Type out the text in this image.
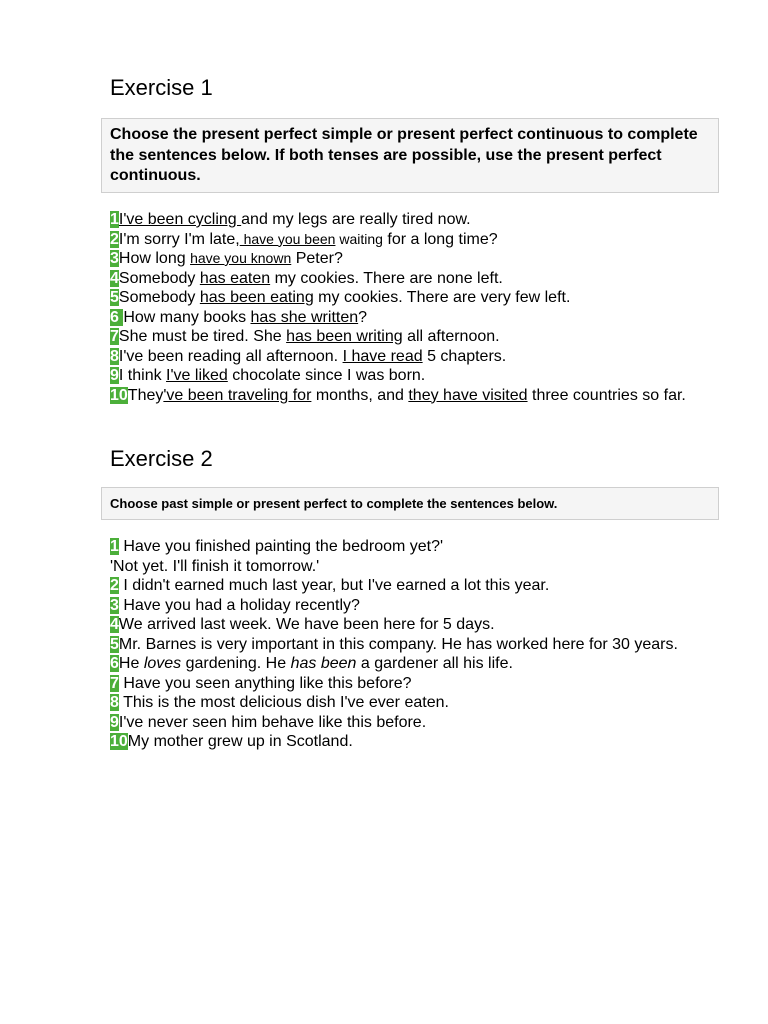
Exercise 1
Choose the present perfect simple or present perfect continuous to complete the sentences below. If both tenses are possible, use the present perfect continuous.
1I've been cycling and my legs are really tired now.
2I'm sorry I'm late, have you been waiting for a long time?
3How long have you known Peter?
4Somebody has eaten my cookies. There are none left.
5Somebody has been eating my cookies. There are very few left.
6 How many books has she written?
7She must be tired. She has been writing all afternoon.
8I've been reading all afternoon. I have read 5 chapters.
9I think I've liked chocolate since I was born.
10They've been traveling for months, and they have visited three countries so far.
Exercise 2
Choose past simple or present perfect to complete the sentences below.
1 Have you finished painting the bedroom yet?'
'Not yet. I'll finish it tomorrow.'
2 I didn't earned much last year, but I've earned a lot this year.
3 Have you had a holiday recently?
4We arrived last week. We have been here for 5 days.
5Mr. Barnes is very important in this company. He has worked here for 30 years.
6He loves gardening. He has been a gardener all his life.
7 Have you seen anything like this before?
8 This is the most delicious dish I've ever eaten.
9I've never seen him behave like this before.
10My mother grew up in Scotland.
